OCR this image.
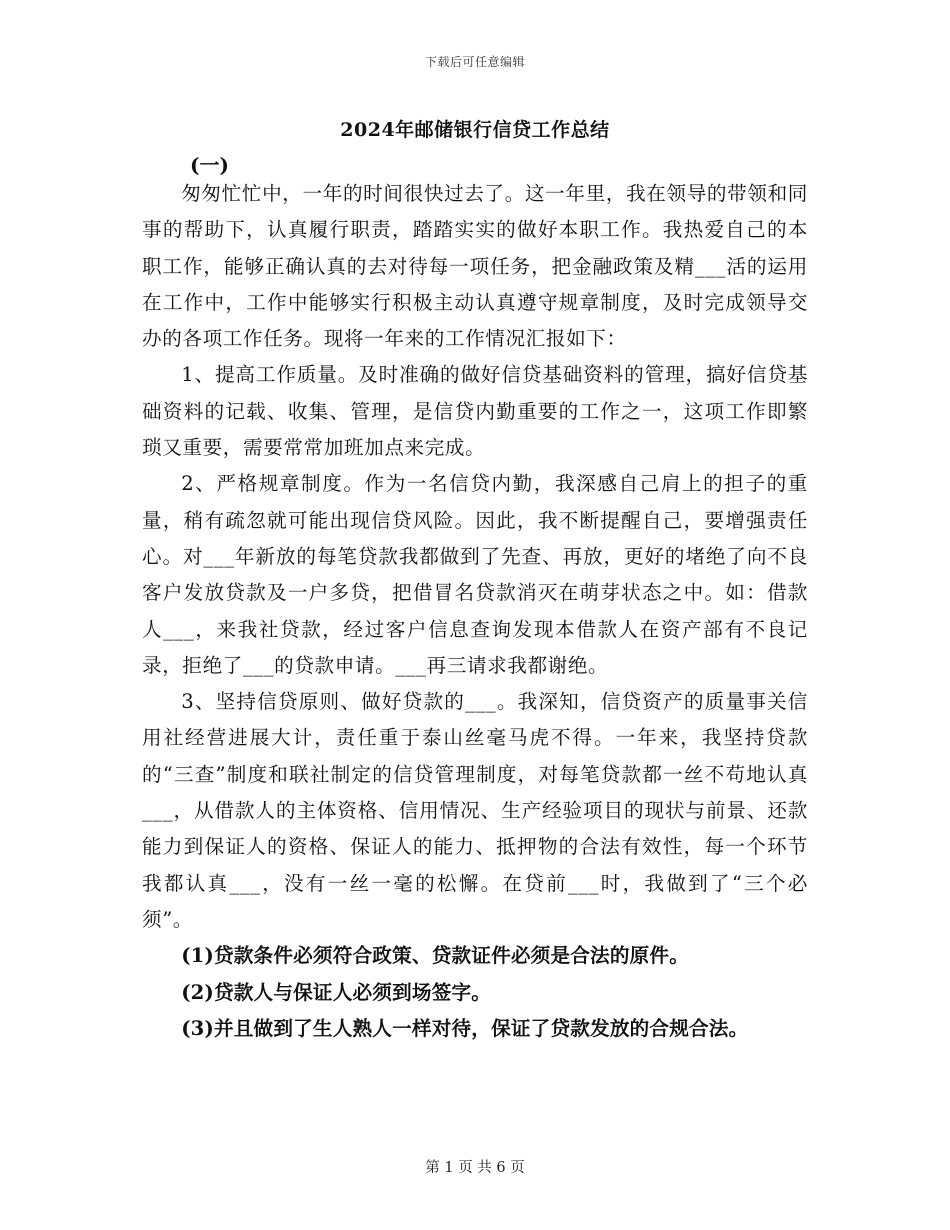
下载后可任意编辑
2024年邮储银行信贷工作总结
(一)

匆匆忙忙中，一年的时间很快过去了。这一年里，我在领导的带领和同事的帮助下，认真履行职责，踏踏实实的做好本职工作。我热爱自己的本职工作，能够正确认真的去对待每一项任务，把金融政策及精___活的运用在工作中，工作中能够实行积极主动认真遵守规章制度，及时完成领导交办的各项工作任务。现将一年来的工作情况汇报如下：

1、提高工作质量。及时准确的做好信贷基础资料的管理，搞好信贷基础资料的记载、收集、管理，是信贷内勤重要的工作之一，这项工作即繁琐又重要，需要常常加班加点来完成。

2、严格规章制度。作为一名信贷内勤，我深感自己肩上的担子的重量，稍有疏忽就可能出现信贷风险。因此，我不断提醒自己，要增强责任心。对___年新放的每笔贷款我都做到了先查、再放，更好的堵绝了向不良客户发放贷款及一户多贷，把借冒名贷款消灭在萌芽状态之中。如：借款人___，来我社贷款，经过客户信息查询发现本借款人在资产部有不良记录，拒绝了___的贷款申请。___再三请求我都谢绝。

3、坚持信贷原则、做好贷款的___。我深知，信贷资产的质量事关信用社经营进展大计，责任重于泰山丝毫马虎不得。一年来，我坚持贷款的“三查”制度和联社制定的信贷管理制度，对每笔贷款都一丝不苟地认真___，从借款人的主体资格、信用情况、生产经验项目的现状与前景、还款能力到保证人的资格、保证人的能力、抵押物的合法有效性，每一个环节我都认真___，没有一丝一毫的松懈。在贷前___时，我做到了“三个必须”。

(1)贷款条件必须符合政策、贷款证件必须是合法的原件。

(2)贷款人与保证人必须到场签字。

(3)并且做到了生人熟人一样对待，保证了贷款发放的合规合法。

第 1 页 共 6 页
